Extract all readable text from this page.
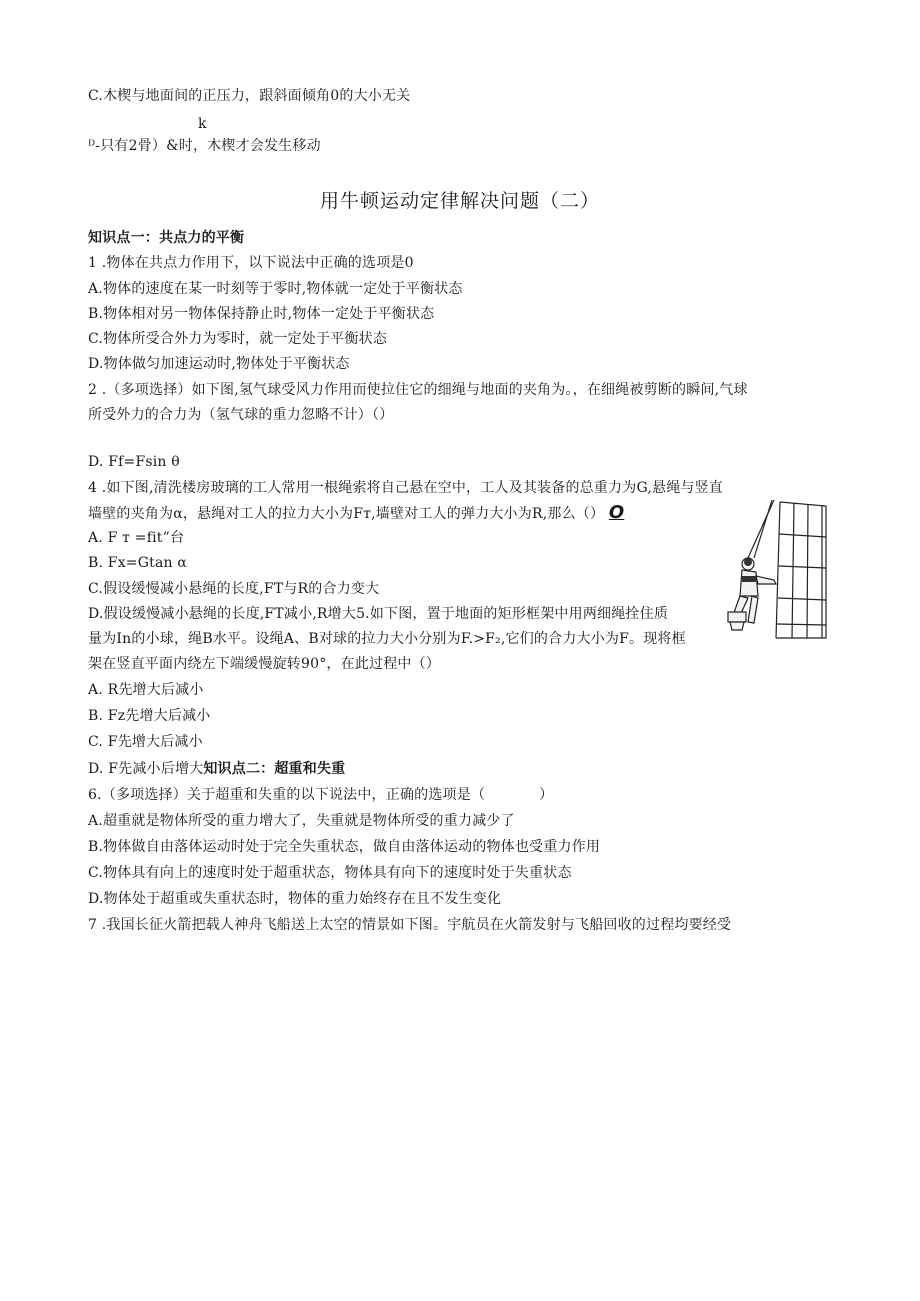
C.木楔与地面间的正压力，跟斜面倾角0的大小无关
k
ᴰ-只有2骨）&时，木楔才会发生移动
用牛顿运动定律解决问题（二）
知识点一：共点力的平衡
1 .物体在共点力作用下，以下说法中正确的选项是0
A.物体的速度在某一时刻等于零时,物体就一定处于平衡状态
B.物体相对另一物体保持静止时,物体一定处于平衡状态
C.物体所受合外力为零时，就一定处于平衡状态
D.物体做匀加速运动时,物体处于平衡状态
2 .（多项选择）如下图,氢气球受风力作用而使拉住它的细绳与地面的夹角为。，在细绳被剪断的瞬间,气球
所受外力的合力为（氢气球的重力忽略不计）（）
D. Ff=Fsin θ
4 .如下图,清洗楼房玻璃的工人常用一根绳索将自己悬在空中，工人及其装备的总重力为G,悬绳与竖直
墙壁的夹角为α，悬绳对工人的拉力大小为Fт,墙壁对工人的弹力大小为R,那么（） O
A. F т =fit”台
B. Fx=Gtan α
C.假设缓慢减小悬绳的长度,FT与R的合力变大
D.假设缓慢减小悬绳的长度,FT减小,R增大5.如下图，置于地面的矩形框架中用两细绳拴住质
量为In的小球，绳B水平。设绳A、B对球的拉力大小分别为F.>F₂,它们的合力大小为F。现将框
架在竖直平面内绕左下端缓慢旋转90°，在此过程中（）
A. R先增大后减小
B. Fz先增大后减小
C. F先增大后减小
D. F先减小后增大知识点二：超重和失重
6.（多项选择）关于超重和失重的以下说法中，正确的选项是（	）
A.超重就是物体所受的重力增大了，失重就是物体所受的重力减少了
B.物体做自由落体运动时处于完全失重状态，做自由落体运动的物体也受重力作用
C.物体具有向上的速度时处于超重状态，物体具有向下的速度时处于失重状态
D.物体处于超重或失重状态时，物体的重力始终存在且不发生变化
7 .我国长征火箭把载人神舟飞船送上太空的情景如下图。宇航员在火箭发射与飞船回收的过程均要经受
